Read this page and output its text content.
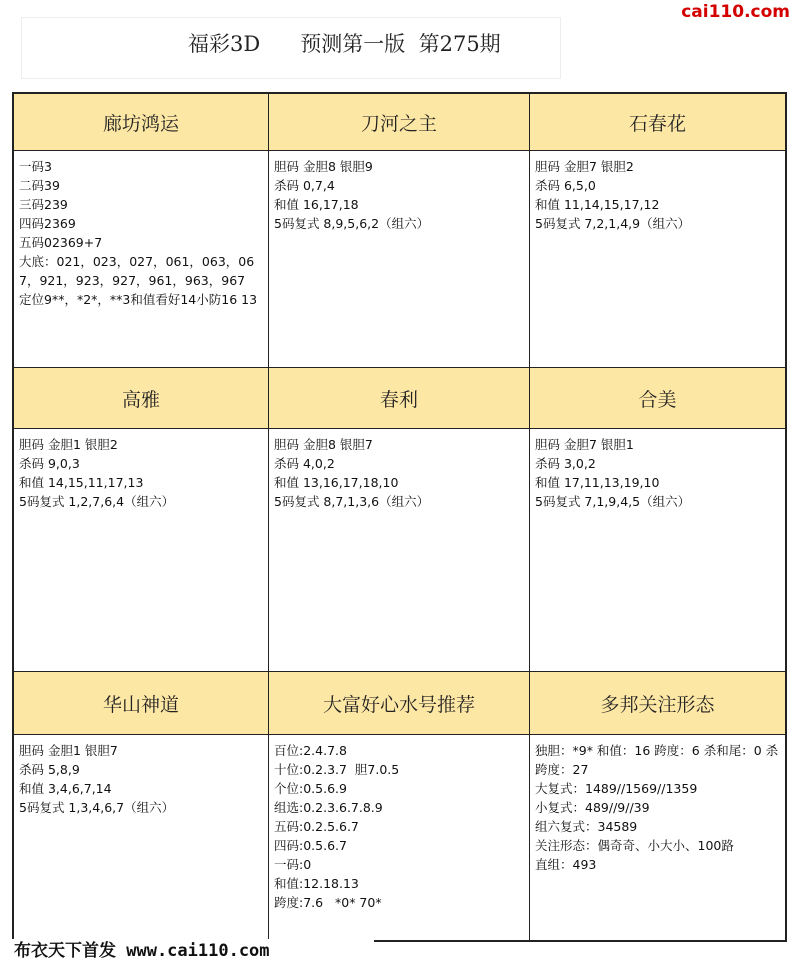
福彩3D      预测第一版  第275期
cai110.com
廊坊鸿运
一码3
二码39
三码239
四码2369
五码02369+7
大底：021，023，027，061，063，067，921，923，927，961，963，967
定位9**，*2*，**3和值看好14小防16 13
刀河之主
胆码 金胆8 银胆9
杀码 0,7,4
和值 16,17,18
5码复式 8,9,5,6,2（组六）
石春花
胆码 金胆7 银胆2
杀码 6,5,0
和值 11,14,15,17,12
5码复式 7,2,1,4,9（组六）
高雅
胆码 金胆1 银胆2
杀码 9,0,3
和值 14,15,11,17,13
5码复式 1,2,7,6,4（组六）
春利
胆码 金胆8 银胆7
杀码 4,0,2
和值 13,16,17,18,10
5码复式 8,7,1,3,6（组六）
合美
胆码 金胆7 银胆1
杀码 3,0,2
和值 17,11,13,19,10
5码复式 7,1,9,4,5（组六）
华山神道
胆码 金胆1 银胆7
杀码 5,8,9
和值 3,4,6,7,14
5码复式 1,3,4,6,7（组六）
大富好心水号推荐
百位:2.4.7.8
十位:0.2.3.7  胆7.0.5
个位:0.5.6.9
组选:0.2.3.6.7.8.9
五码:0.2.5.6.7
四码:0.5.6.7
一码:0
和值:12.18.13
跨度:7.6   *0* 70*
多邦关注形态
独胆：*9* 和值：16 跨度：6 杀和尾：0 杀跨度：27
大复式：1489//1569//1359
小复式：489//9//39
组六复式：34589
关注形态：偶奇奇、小大小、100路
直组：493
布衣天下首发 www.cai110.com
